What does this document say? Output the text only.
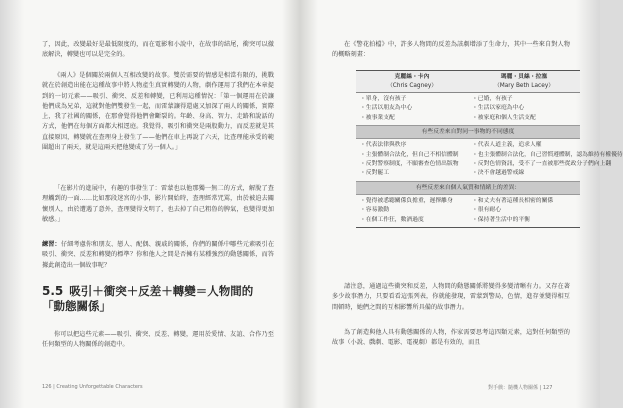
了，因此，改變最好是最低限度的，而在電影和小說中，在故事的結尾，衝突可以徹底解決，轉變也可以是完全的。

《兩人》是個關於兩個人互相改變的故事。雙於需要的情感是相當有限的，挑戰就在於創造出能在這種故事中將人物產生真實轉變的人物，劇作運用了我們在本章提到的一切元素——吸引、衝突、反差和轉變，已利用這種情況：「第一個運用在於讓他們成為兄弟，這就對他們雙發生一起，而雷蒙讓得還處又加深了兩人的關係，實際上，我了社國的關係，在那會覺得他們會斷裂的。年齡、身高、智力、走路和說話的方式，他們在每個方面都大相逕庭。我覺得，吸引和衝突是兩股動力，而反差就是其直接原因，轉變就在查理身上發生了——他們在車上再說了六天，比查理能承受的範圍超出了兩天，就是這兩天把他變成了另一個人。」

「在影片的進展中，有趣的事發生了：雷蒙也以他那獨一無二的方式，解脫了查理觸到的一面……比如那段迷宮的小事，影片開始時，查理經常咒罵，由於被迫去關懷別人，由於遭遇了意外，查理變得文明了，也去掉了自己粗魯的脾氣，也變得更加敏感。」

練習：仔細考慮你和朋友、戀人、配偶、親戚的關係，你們的關係中哪些元素吸引在吸引、衝突、反差和轉變的標準？你和他人之間是否擁有某種強烈的動態關係，而答據此創造出一個故事呢？

5.5 吸引＋衝突＋反差＋轉變＝人物間的「動態關係」

你可以把這些元素——吸引、衝突、反差、轉變，運用於愛情、友誼、合作乃至任何類型的人物關係的創造中。

126 | Creating Unforgettable Characters

在《警花拍檔》中，許多人物間的反差為該劇增添了生命力，其中一些來自對人物的概略刻畫：

克麗絲・卡內
（Chris Cagney）
瑪麗・貝絲・拉塞
（Mary Beth Lacey）
・單身，沒有孩子
・生活以朋友為中心
・被事業支配
・已婚，有孩子
・生活以家庭為中心
・被家庭和個人生活支配
有些反差來自對同一事物的不同態度
・代表法律與秩序
・主張體制合法化，但自己不相信體制
・反對警察制度，不願審查色情出版物
・反對罷工
・代表人道主義，追求人權
・也主張體制合法化，自己習慣遵體制，認為維持有權優待
・反對色情資訊，受不了一直被那些從政分子們向上翻
・決不會越過警戒線
有些反差來自個人氣質和情緒上的差異：
・覺得被悉聽關係負擔重，遲擇離身
・容易激動
・在個工作狂，數酒過度
・和丈夫有著這種長相密的關係
・很有耐心
・保持著生活中的平衡

請注意，通過這些衝突和反差，人物間的動態關係將變得多變清晰有力。又存在著多少故事潛力，只要看看這張列表，你就能發現，雷蒙到警局，色情，進存並變得相互間頓時，她們之間的互相影響所具備的故事潛力。

為了創造與他人具有動態關係的人物，作家需要思考這四類元素，這對任何類型的故事（小說、戲劇、電影、電視劇）都是有效的，而且

對手戲：隨機人物關係 | 127
